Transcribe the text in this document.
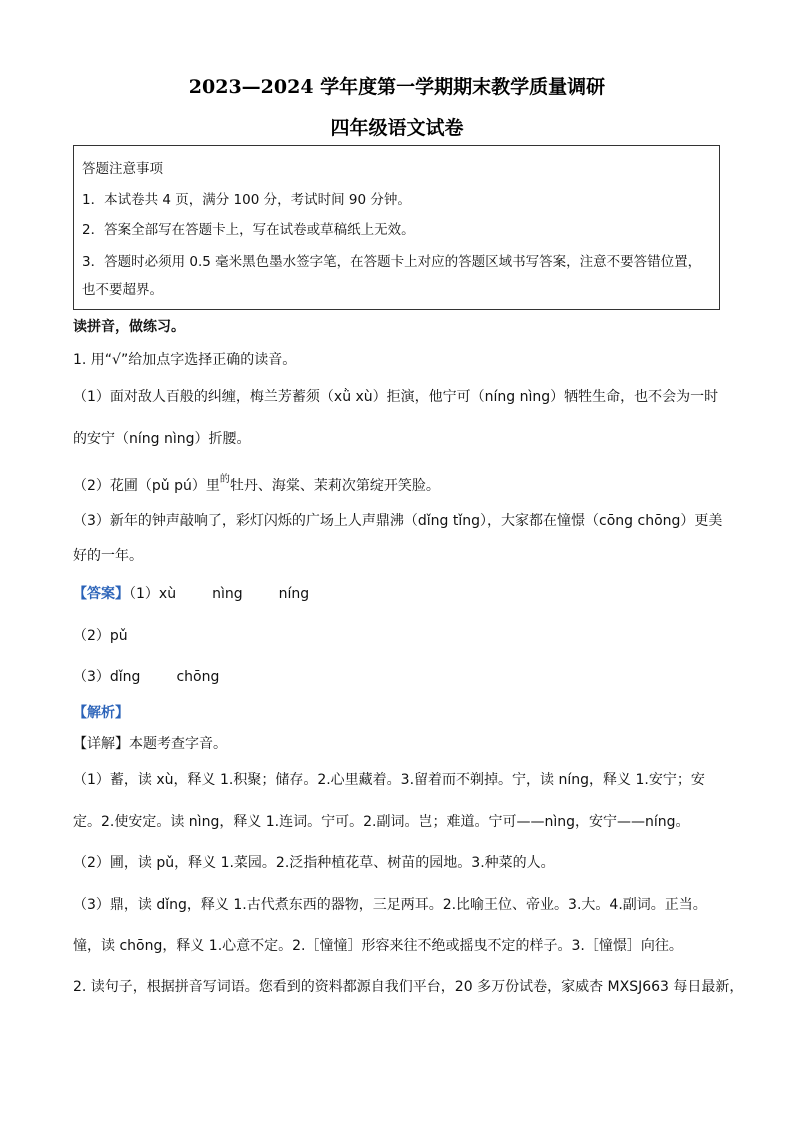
2023—2024 学年度第一学期期末教学质量调研
四年级语文试卷
答题注意事项
1．本试卷共 4 页，满分 100 分，考试时间 90 分钟。
2．答案全部写在答题卡上，写在试卷或草稿纸上无效。
3．答题时必须用 0.5 毫米黑色墨水签字笔，在答题卡上对应的答题区域书写答案，注意不要答错位置，
也不要超界。
读拼音，做练习。
1. 用“√”给加点字选择正确的读音。
（1）面对敌人百般的纠缠，梅兰芳蓄须（xǜ xù）拒演，他宁可（níng nìng）牺牲生命，也不会为一时
的安宁（níng nìng）折腰。
（2）花圃（pǔ pú）里$^的$牡丹、海棠、茉莉次第绽开笑脸。
（3）新年的钟声敲响了，彩灯闪烁的广场上人声鼎沸（dǐng tǐng），大家都在憧憬（cōng chōng）更美
好的一年。
【答案】（1）xù	nìng	níng
（2）pǔ
（3）dǐng	chōng
【解析】
【详解】本题考查字音。
（1）蓄，读 xù，释义 1.积聚；储存。2.心里藏着。3.留着而不剃掉。宁，读 níng，释义 1.安宁；安
定。2.使安定。读 nìng，释义 1.连词。宁可。2.副词。岂；难道。宁可——nìng，安宁——níng。
（2）圃，读 pǔ，释义 1.菜园。2.泛指种植花草、树苗的园地。3.种菜的人。
（3）鼎，读 dǐng，释义 1.古代煮东西的器物，三足两耳。2.比喻王位、帝业。3.大。4.副词。正当。
憧，读 chōng，释义 1.心意不定。2.［憧憧］形容来往不绝或摇曳不定的样子。3.［憧憬］向往。
2. 读句子，根据拼音写词语。您看到的资料都源自我们平台，20 多万份试卷，家威杏 MXSJ663 每日最新，
